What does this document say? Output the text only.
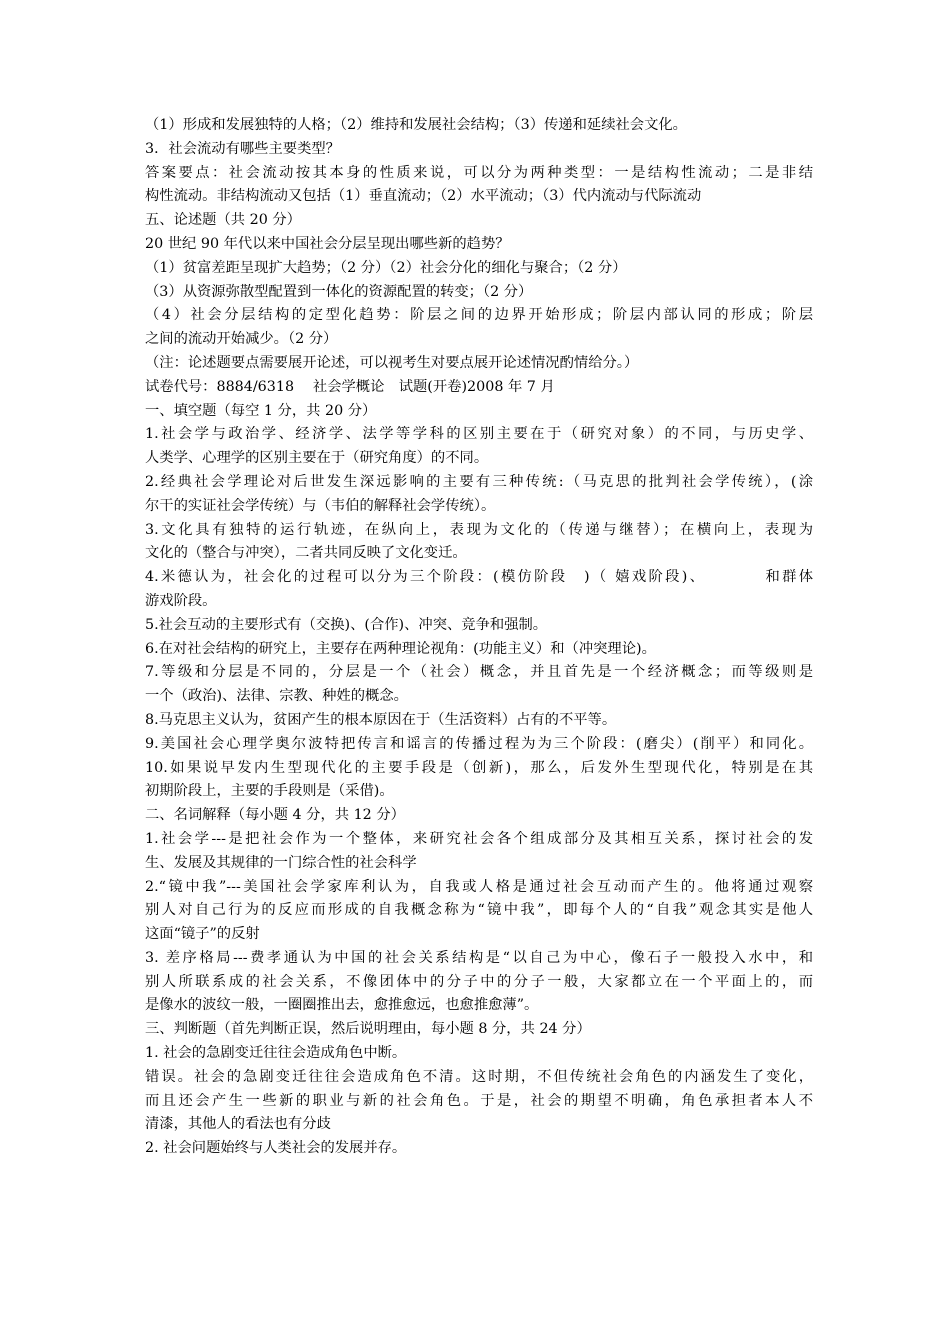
（1）形成和发展独特的人格；（2）维持和发展社会结构；（3）传递和延续社会文化。
3．社会流动有哪些主要类型？
答案要点：社会流动按其本身的性质来说，可以分为两种类型：一是结构性流动；二是非结
构性流动。非结构流动又包括（1）垂直流动；（2）水平流动；（3）代内流动与代际流动
五、论述题（共 20 分）
20 世纪 90 年代以来中国社会分层呈现出哪些新的趋势？
（1）贫富差距呈现扩大趋势；（2 分）（2）社会分化的细化与聚合；（2 分）
（3）从资源弥散型配置到一体化的资源配置的转变；（2 分）
（4）社会分层结构的定型化趋势：阶层之间的边界开始形成；阶层内部认同的形成；阶层
之间的流动开始减少。（2 分）
（注：论述题要点需要展开论述，可以视考生对要点展开论述情况酌情给分。）
试卷代号：8884/6318　 社会学概论　试题(开卷)2008 年 7 月
一、填空题（每空 1 分，共 20 分）
1.社会学与政治学、经济学、法学等学科的区别主要在于（研究对象）的不同，与历史学、
人类学、心理学的区别主要在于（研究角度）的不同。
2.经典社会学理论对后世发生深远影响的主要有三种传统:（马克思的批判社会学传统），(涂
尔干的实证社会学传统）与（韦伯的解释社会学传统）。
3.文化具有独特的运行轨迹，在纵向上，表现为文化的（传递与继替）；在横向上，表现为
文化的（整合与冲突），二者共同反映了文化变迁。
4.米德认为，社会化的过程可以分为三个阶段：(模仿阶段　)（ 嬉戏阶段)、　　　　和群体
游戏阶段。
5.社会互动的主要形式有（交换)、(合作)、冲突、竞争和强制。
6.在对社会结构的研究上，主要存在两种理论视角：(功能主义）和（冲突理论)。
7.等级和分层是不同的，分层是一个（社会）概念，并且首先是一个经济概念；而等级则是
一个（政治)、法律、宗教、种姓的概念。
8.马克思主义认为，贫困产生的根本原因在于（生活资料）占有的不平等。
9.美国社会心理学奥尔波特把传言和谣言的传播过程为为三个阶段：(磨尖）(削平）和同化。
10.如果说早发内生型现代化的主要手段是（创新)，那么，后发外生型现代化，特别是在其
初期阶段上，主要的手段则是（采借)。
二、名词解释（每小题 4 分，共 12 分）
1.社会学---是把社会作为一个整体，来研究社会各个组成部分及其相互关系，探讨社会的发
生、发展及其规律的一门综合性的社会科学
2.“镜中我”---美国社会学家库利认为，自我或人格是通过社会互动而产生的。他将通过观察
别人对自己行为的反应而形成的自我概念称为“镜中我”，即每个人的“自我”观念其实是他人
这面“镜子”的反射
3. 差序格局---费孝通认为中国的社会关系结构是“以自己为中心，像石子一般投入水中，和
别人所联系成的社会关系，不像团体中的分子中的分子一般，大家都立在一个平面上的，而
是像水的波纹一般，一圈圈推出去，愈推愈远，也愈推愈薄”。
三、判断题（首先判断正误，然后说明理由，每小题 8 分，共 24 分）
1. 社会的急剧变迁往往会造成角色中断。
错误。社会的急剧变迁往往会造成角色不清。这时期，不但传统社会角色的内涵发生了变化，
而且还会产生一些新的职业与新的社会角色。于是，社会的期望不明确，角色承担者本人不
清漆，其他人的看法也有分歧
2. 社会问题始终与人类社会的发展并存。
